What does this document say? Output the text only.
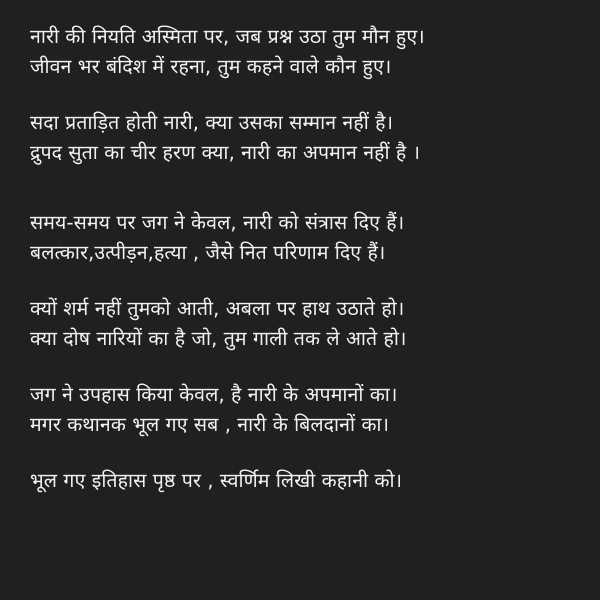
नारी की नियति अस्मिता पर, जब प्रश्न उठा तुम मौन हुए।
जीवन भर बंदिश में रहना, तुम कहने वाले कौन हुए।
सदा प्रताड़ित होती नारी, क्या उसका सम्मान नहीं है।
द्रुपद सुता का चीर हरण क्या, नारी का अपमान नहीं है ।
समय-समय पर जग ने केवल, नारी को संत्रास दिए हैं।
बलत्कार,उत्पीड़न,हत्या , जैसे नित परिणाम दिए हैं।
क्यों शर्म नहीं तुमको आती, अबला पर हाथ उठाते हो।
क्या दोष नारियों का है जो, तुम गाली तक ले आते हो।
जग ने उपहास किया केवल, है नारी के अपमानों का।
मगर कथानक भूल गए सब , नारी के बिलदानों का।
भूल गए इतिहास पृष्ठ पर , स्वर्णिम लिखी कहानी को।
